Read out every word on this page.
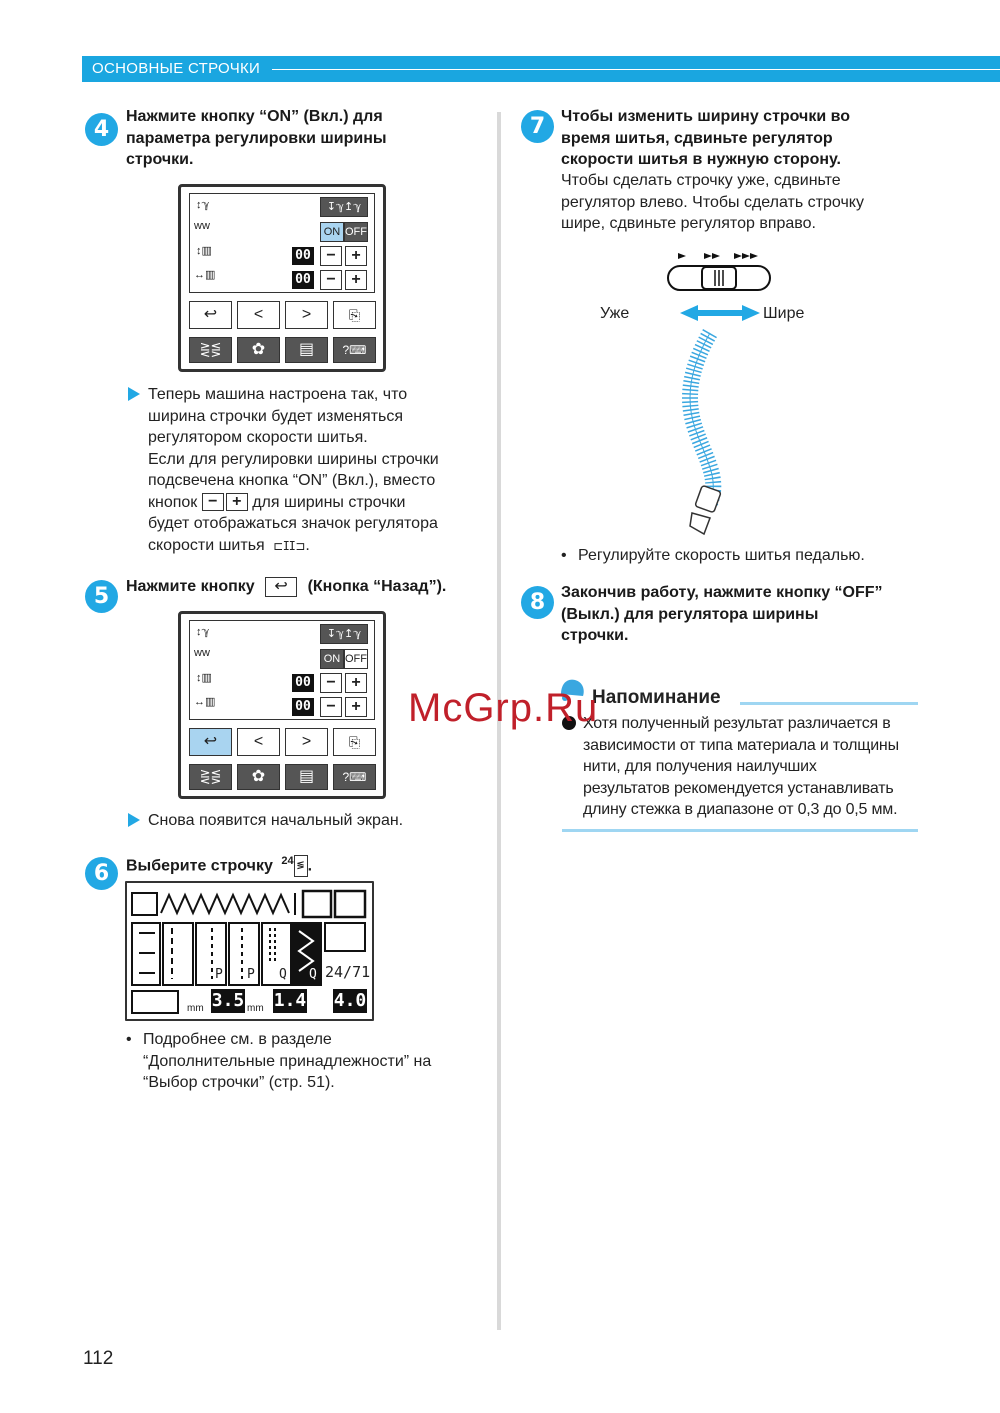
ОСНОВНЫЕ СТРОЧКИ
4
Нажмите кнопку “ON” (Вкл.) для
параметра регулировки ширины
строчки.
↕ℽ
ᴡᴡ
↕▥
↔▥
↧ℽ↥ℽ
ON OFF
00 − +
00 − +
↩	<	>	⎘
⋛⋚	✿	▤	?⌨
Теперь машина настроена так, что
ширина строчки будет изменяться
регулятором скорости шитья.
Если для регулировки ширины строчки
подсвечена кнопка “ON” (Вкл.), вместо
кнопок − + для ширины строчки
будет отображаться значок регулятора
скорости шитья ⊏ⵊⵊ⊐.
5	Нажмите кнопку ↩ (Кнопка “Назад”).
↕ℽ
ᴡᴡ
↕▥
↔▥
↧ℽ↥ℽ
ON OFF
00 − +
00 − +
↩	<	>	⎘
⋛⋚	✿	▤	?⌨
Снова появится начальный экран.
6	Выберите строчку $^{24}$ ≶ .
P P Q Q 24/71
mm 3.5 mm 1.4 4.0
• Подробнее см. в разделе
“Дополнительные принадлежности” на
“Выбор строчки” (стр. 51).
7 Чтобы изменить ширину строчки во
время шитья, сдвиньте регулятор
скорости шитья в нужную сторону.
Чтобы сделать строчку уже, сдвиньте
регулятор влево. Чтобы сделать строчку
шире, сдвиньте регулятор вправо.
Уже	Шире
• Регулируйте скорость шитья педалью.
8 Закончив работу, нажмите кнопку “OFF”
(Выкл.) для регулятора ширины
строчки.
Напоминание
Хотя полученный результат различается в
зависимости от типа материала и толщины
нити, для получения наилучших
результатов рекомендуется устанавливать
длину стежка в диапазоне от 0,3 до 0,5 мм.
McGrp.Ru
112
